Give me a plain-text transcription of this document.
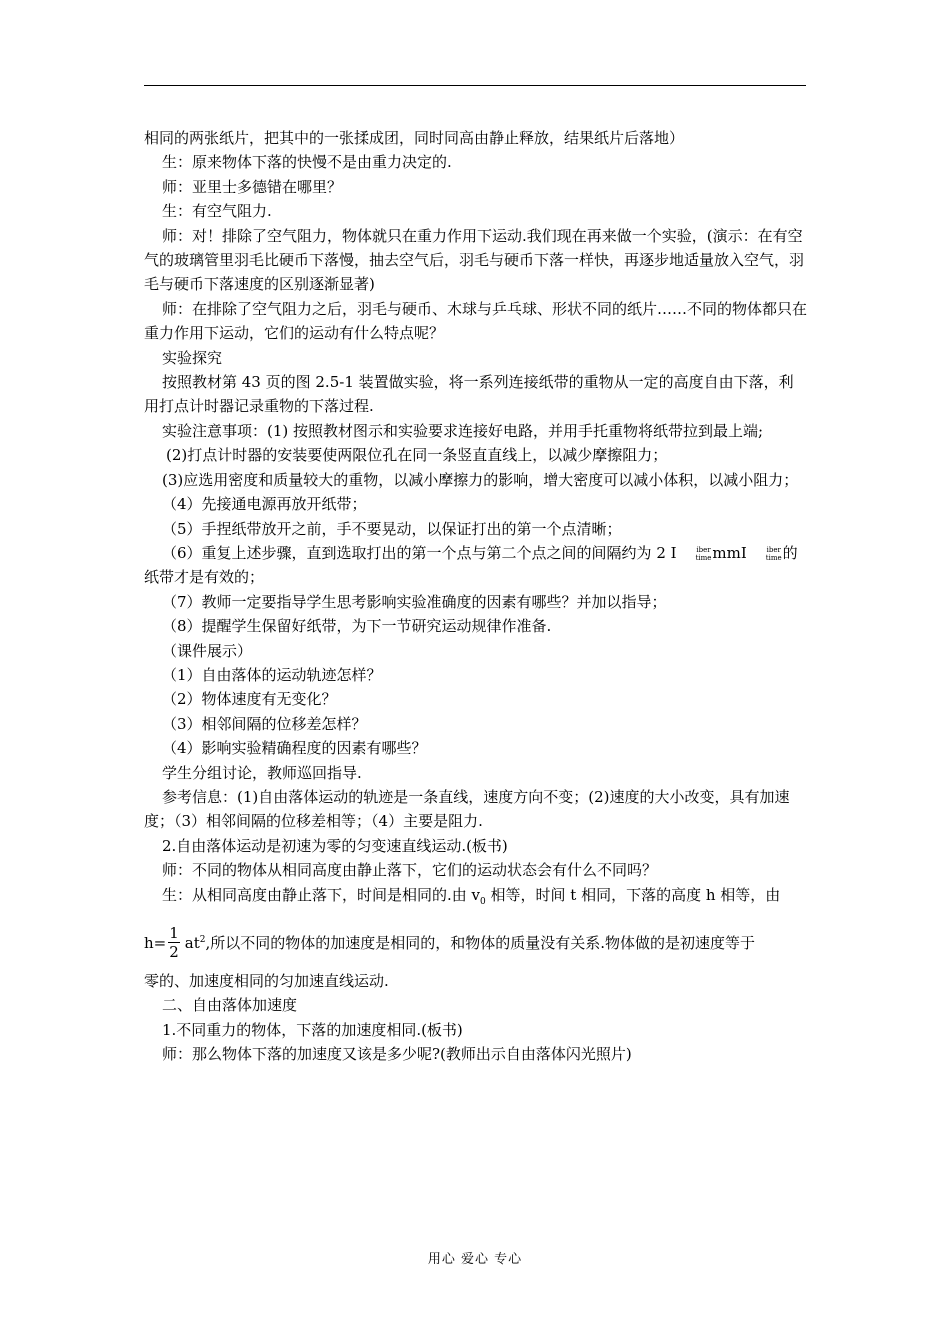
相同的两张纸片，把其中的一张揉成团，同时同高由静止释放，结果纸片后落地）

生：原来物体下落的快慢不是由重力决定的.

师：亚里士多德错在哪里？

生：有空气阻力.

师：对！排除了空气阻力，物体就只在重力作用下运动.我们现在再来做一个实验，(演示：在有空气的玻璃管里羽毛比硬币下落慢，抽去空气后，羽毛与硬币下落一样快，再逐步地适量放入空气，羽毛与硬币下落速度的区别逐渐显著)

师：在排除了空气阻力之后，羽毛与硬币、木球与乒乓球、形状不同的纸片……不同的物体都只在重力作用下运动，它们的运动有什么特点呢？

实验探究

按照教材第 43 页的图 2.5-1 装置做实验，将一系列连接纸带的重物从一定的高度自由下落，利用打点计时器记录重物的下落过程.

实验注意事项：(1) 按照教材图示和实验要求连接好电路，并用手托重物将纸带拉到最上端;

(2)打点计时器的安装要使两限位孔在同一条竖直直线上，以减少摩擦阻力；

(3)应选用密度和质量较大的重物，以减小摩擦力的影响，增大密度可以减小体积，以减小阻力；

（4）先接通电源再放开纸带；

（5）手捏纸带放开之前，手不要晃动，以保证打出的第一个点清晰；

（6）重复上述步骤，直到选取打出的第一个点与第二个点之间的间隔约为 2 I	iber
time mmI	iber
time 的纸带才是有效的；

（7）教师一定要指导学生思考影响实验准确度的因素有哪些？并加以指导；

（8）提醒学生保留好纸带，为下一节研究运动规律作准备.

（课件展示）

（1）自由落体的运动轨迹怎样？

（2）物体速度有无变化？

（3）相邻间隔的位移差怎样？

（4）影响实验精确程度的因素有哪些？

学生分组讨论，教师巡回指导.

参考信息：(1)自由落体运动的轨迹是一条直线，速度方向不变；(2)速度的大小改变，具有加速度；（3）相邻间隔的位移差相等；（4）主要是阻力.

2.自由落体运动是初速为零的匀变速直线运动.(板书)

师：不同的物体从相同高度由静止落下，它们的运动状态会有什么不同吗？

生：从相同高度由静止落下，时间是相同的.由 $v_0$ 相等，时间 t 相同，下落的高度 h 相等，由

$h= \frac{1}{2} at^2$,所以不同的物体的加速度是相同的，和物体的质量没有关系.物体做的是初速度等于

零的、加速度相同的匀加速直线运动.

二、自由落体加速度

1.不同重力的物体，下落的加速度相同.(板书)

师：那么物体下落的加速度又该是多少呢?(教师出示自由落体闪光照片)

用心 爱心 专心
